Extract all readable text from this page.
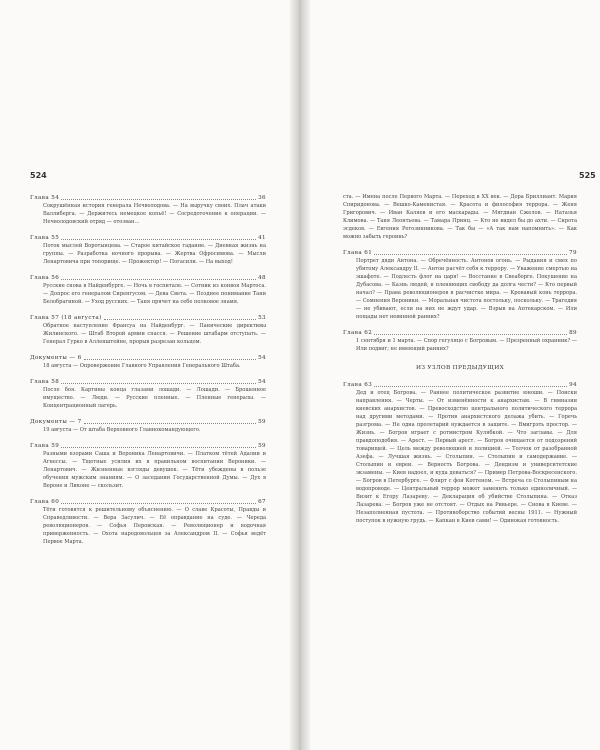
524
Глава 54	36
Сокрушённая история генерала Нечволодова. — На выручку своих. Плач атаки Валлиберга. — Держитесь немецкое копьё! — Сосредоточение к операции. — Нечволодовский отряд — отозван…
Глава 55	41
Поток мыслей Воротынцева. — Старое китайское гадание. — Дневная жизнь на группы. — Разработка ночного прорыва. — Жертва Офросимова. — Мысли Ленартовича при топорище. — Прожектор! — Погасили. — На выход!
Глава 56	48
Русские снова в Найденбурге. — Ночь в госпитале. — Сотник из конвоя Мартоса. — Допрос его генералом Сиренгусом. — Дева Света. — Позднее понимание Тани Белобрагиной. — Уход русских. — Таня прячет на себе полковое знамя.
Глава 57 (18 августа)	53
Обратное наступление Франсуа на Найденбург. — Панические директивы Жилинского. — Штаб Второй армии спасся. — Решение штабарм отступать. — Генерал Гурко в Алленштейне, прорыв разрезан кольцом.
Документы — 6	54
18 августа — Опровержение Главного Управления Генерального Штаба.
Глава 58	54
После боя. Картины конца глазами лошади. — Лошади. — Брошенное имущество. — Люди. — Русские пленные. — Пленные генералы. — Концентрационный лагерь.
Документы — 7	59
19 августа — От штаба Верховного Главнокомандующего.
Глава 59	59
Разными взорами Саша и Вероника Ленартовичи. — Платком тётей Адалии и Агнессы. — Тщетные усилия их в правильном воспитании Вероники. — Ленартович. — Жизненные взгляды девушек. — Тёти убеждены в пользе обучения мужским знаниям. — О заседании Государственной Думы. — Дух в Вероне и Ликоне — скользит.
Глава 60	67
Тёти готовятся к решительному объяснению. — О славе Красоты, Правды и Справедливости. — Вера Засулич. — Её оправдание на суде. — Череда революционеров. — Софья Перовская. — Революционер и водочная приверженность. — Охота народовольцев за Александром II. — Софья ведёт Первое Марта.
525
ста. — Имена после Первого Марта. — Переход в XX век. — Дора Бриллиант. Мария Спиридонова. — Вешко-Каменистая. — Красота и философия террора. — Женя Григорович. — Иван Каляев и его маскарады. — Мягдиан Сжелов. — Наталья Климова. — Таня Леонтьева. — Тамара Принц. — Кто не видел бы до ахти. — Сирота эсдеков. — Евгения Рогозинникова. — Так бы — «А так нам напомнить». — Как можно забыть героинь?
Глава 61	79
Портрет дяди Антона. — Обречённость. Антонов огонь. — Рыдания и смех по убитому Александру II. — Антон расчёт себя к террору. — Уважение смертью на эшафоте. — Подлесть флот на царя! — Восстание в Свеаборге. Покушение на Дубасова. — Казнь людей, в пленяющих свободу да долга чести? — Кто первый начал? — Права революционеров в расчистке мира. — Кровавый конь террора. — Сомнения Вероники. — Моральная чистота постольку, поскольку. — Трагедия — не убивают, если на них не ждут удар. — Взрыв на Аптекарском. — Или пощады нет невинной ранних?
Глава 62	89
1 сентября и 1 марта. — Спор гегуляцо с Богровым. — Презренный охранник? — Или подвиг; не имеющий ранних?
ИЗ УЗЛОВ ПРЕДЫДУЩИХ
Глава 63	94
Дед и отец Богрова. — Раннее политическое развитие юноши. — Поиски направления. — Черты. — От изменённости к анархистам. — В гимназии киевских анархистов. — Превосходство центрального политического террора над другими методами. — Против анархистского делажа убить. — Горечь разгрома. — Не одна пролетарий нуждается в защите. — Вмигрэть простор. — Жизнь. — Богров играет с ротмистром Кулябкой. — Что заглавы. — Для правдоподобия. — Арест. — Первый арест. — Богров очищается от подозрений товарищей. — Цель между революцией и полицией. — Толчок от разобранной Азефа. — Лучшая жизнь. — Столыпин. — Столыпин и самодержавие. — Столыпин и евреи. — Верность Богрова. — Дендизм и университетские экзамены. — Киев надоел, и куда деваться? — Пример Петрова-Воскресенского. — Богров в Петербурге. — Флирт с фон Коттеном. — Встреча со Столыпиным на водопроводе. — Центральный террор может заменить только единоличный. — Визит к Егору Лазареву. — Декларация об убийстве Столыпина. — Отказ Лазарева. — Богров уже не отстоят. — Отдых на Ривьере. — Снова в Киеве. — Незаполненная пустота. — Противоборство событий весны 1911. — Нужный поступок в нужную грудь. — Капкан в Киев сами! — Одинокая готовность.
